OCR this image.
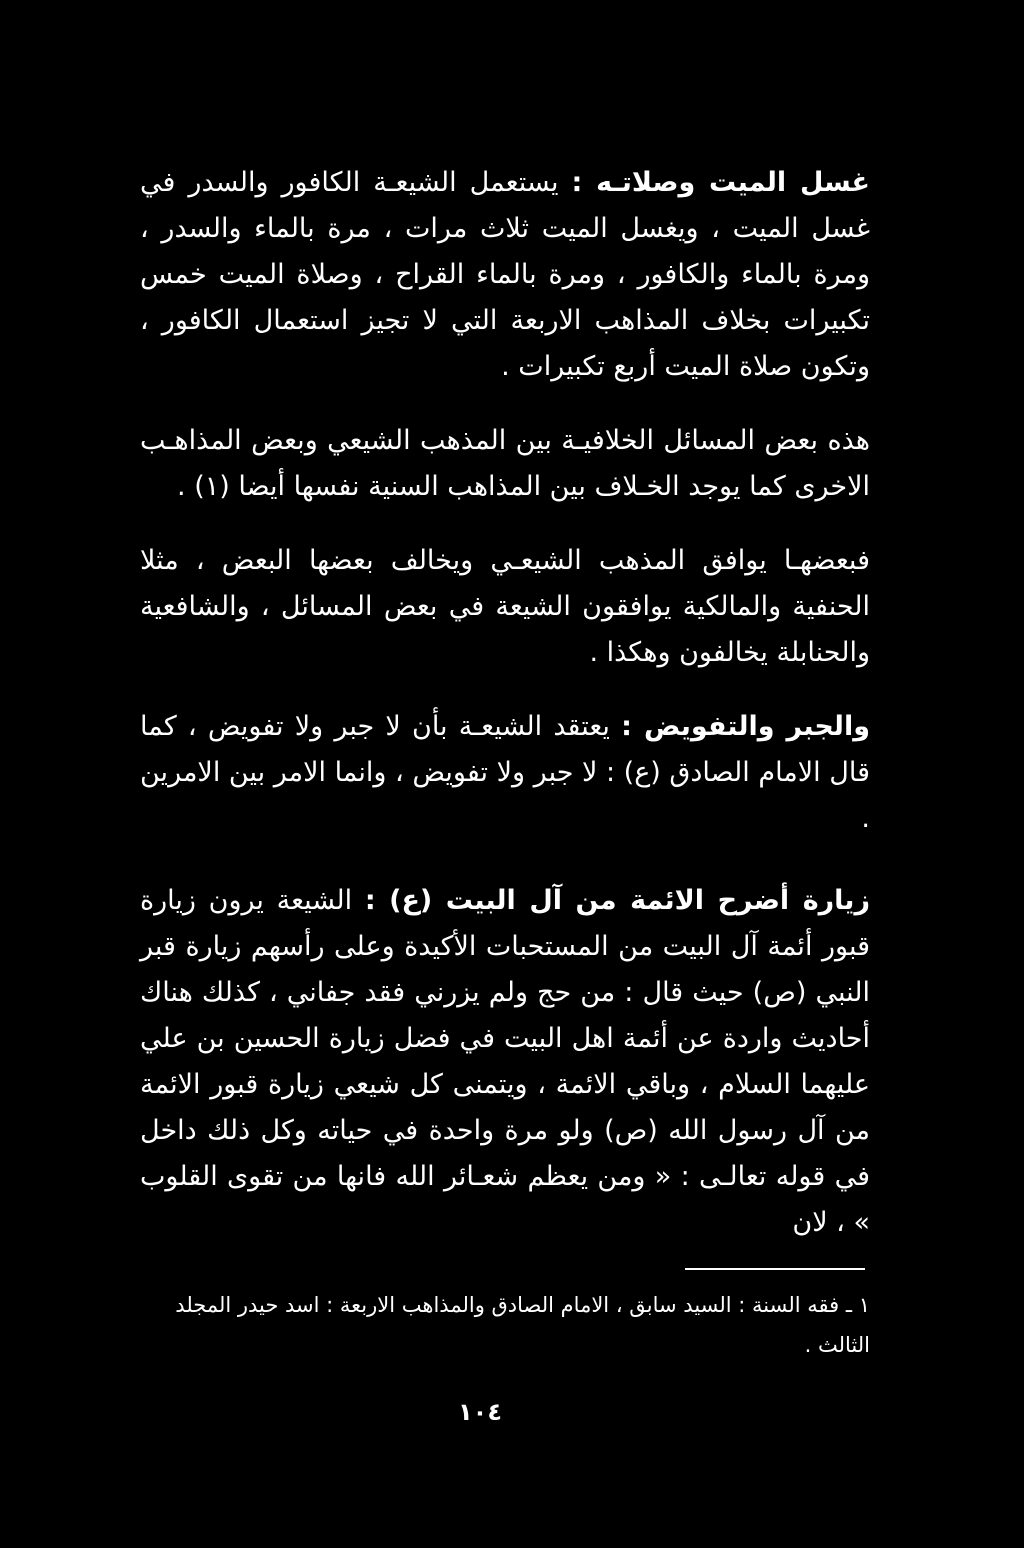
غسل الميت وصلاتـه : يستعمل الشيعـة الكافور والسدر في غسل الميت ، ويغسل الميت ثلاث مرات ، مرة بالماء والسدر ، ومرة بالماء والكافور ، ومرة بالماء القراح ، وصلاة الميت خمس تكبيرات بخلاف المذاهب الاربعة التي لا تجيز استعمال الكافور ، وتكون صلاة الميت أربع تكبيرات .

هذه بعض المسائل الخلافيـة بين المذهب الشيعي وبعض المذاهـب الاخرى كما يوجد الخـلاف بين المذاهب السنية نفسها أيضا (١) .

فبعضهـا يوافق المذهب الشيعـي ويخالف بعضها البعض ، مثلا الحنفية والمالكية يوافقون الشيعة في بعض المسائل ، والشافعية والحنابلة يخالفون وهكذا .

والجبر والتفويض : يعتقد الشيعـة بأن لا جبر ولا تفويض ، كما قال الامام الصادق (ع) : لا جبر ولا تفويض ، وانما الامر بين الامرين .

زيارة أضرح الائمة من آل البيت (ع) : الشيعة يرون زيارة قبور أئمة آل البيت من المستحبات الأكيدة وعلى رأسهم زيارة قبر النبي (ص) حيث قال : من حج ولم يزرني فقد جفاني ، كذلك هناك أحاديث واردة عن أئمة اهل البيت في فضل زيارة الحسين بن علي عليهما السلام ، وباقي الائمة ، ويتمنى كل شيعي زيارة قبور الائمة من آل رسول الله (ص) ولو مرة واحدة في حياته وكل ذلك داخل في قوله تعالـى : « ومن يعظم شعـائر الله فانها من تقوى القلوب » ، لان

١ ـ فقه السنة : السيد سابق ، الامام الصادق والمذاهب الاربعة : اسد حيدر المجلد الثالث .
١٠٤
